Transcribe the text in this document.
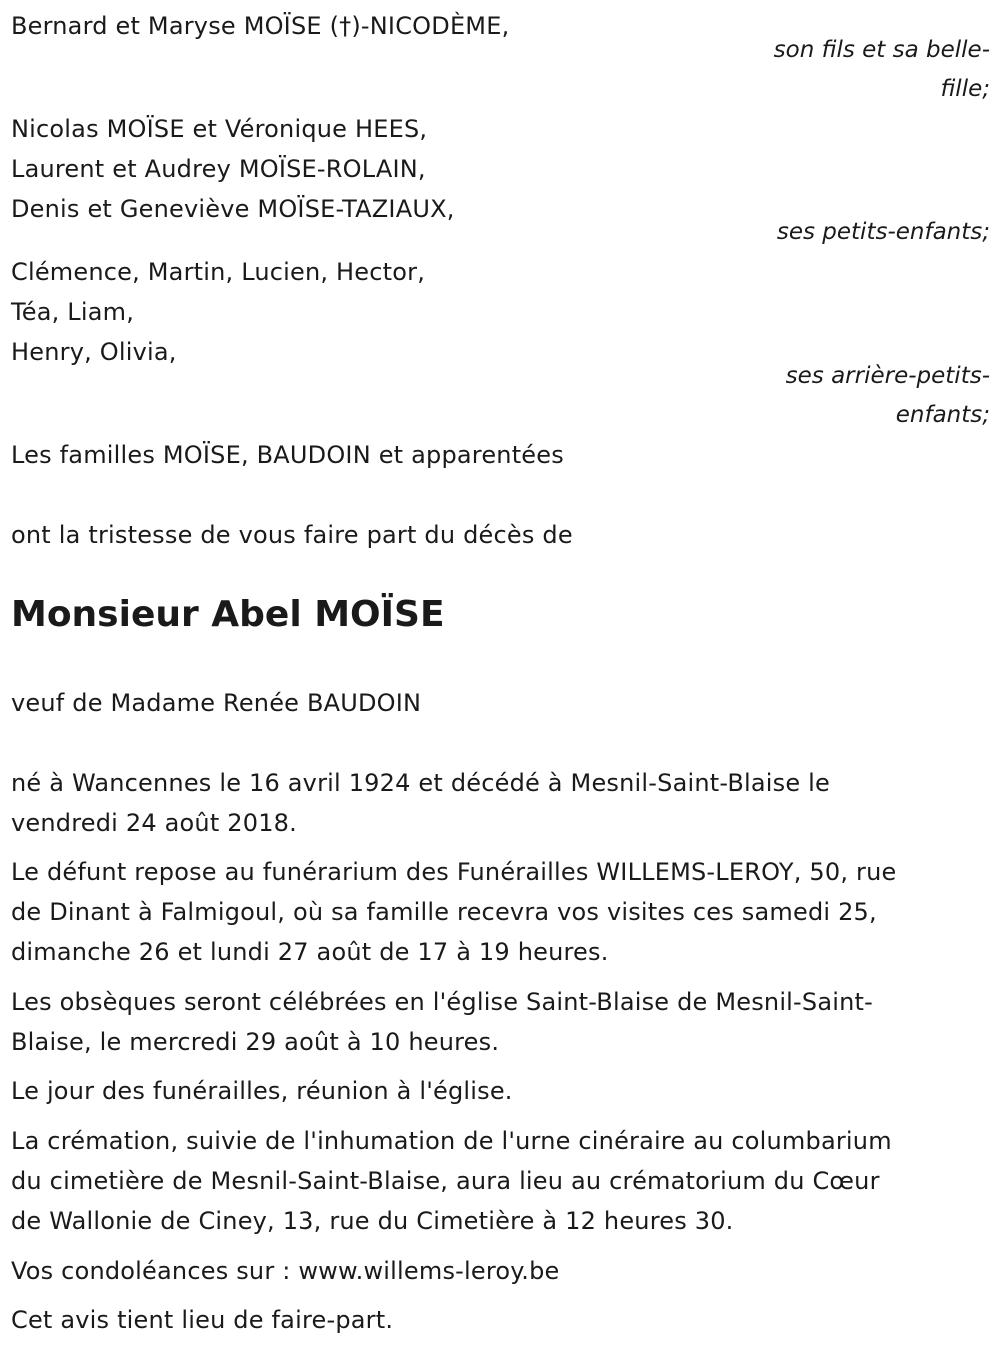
Bernard et Maryse MOÏSE (†)-NICODÈME,
son fils et sa belle-
fille;
Nicolas MOÏSE et Véronique HEES,
Laurent et Audrey MOÏSE-ROLAIN,
Denis et Geneviève MOÏSE-TAZIAUX,
ses petits-enfants;
Clémence, Martin, Lucien, Hector,
Téa, Liam,
Henry, Olivia,
ses arrière-petits-
enfants;
Les familles MOÏSE, BAUDOIN et apparentées
ont la tristesse de vous faire part du décès de
Monsieur Abel MOÏSE
veuf de Madame Renée BAUDOIN
né à Wancennes le 16 avril 1924 et décédé à Mesnil-Saint-Blaise le
vendredi 24 août 2018.
Le défunt repose au funérarium des Funérailles WILLEMS-LEROY, 50, rue
de Dinant à Falmigoul, où sa famille recevra vos visites ces samedi 25,
dimanche 26 et lundi 27 août de 17 à 19 heures.
Les obsèques seront célébrées en l'église Saint-Blaise de Mesnil-Saint-
Blaise, le mercredi 29 août à 10 heures.
Le jour des funérailles, réunion à l'église.
La crémation, suivie de l'inhumation de l'urne cinéraire au columbarium
du cimetière de Mesnil-Saint-Blaise, aura lieu au crématorium du Cœur
de Wallonie de Ciney, 13, rue du Cimetière à 12 heures 30.
Vos condoléances sur : www.willems-leroy.be
Cet avis tient lieu de faire-part.
